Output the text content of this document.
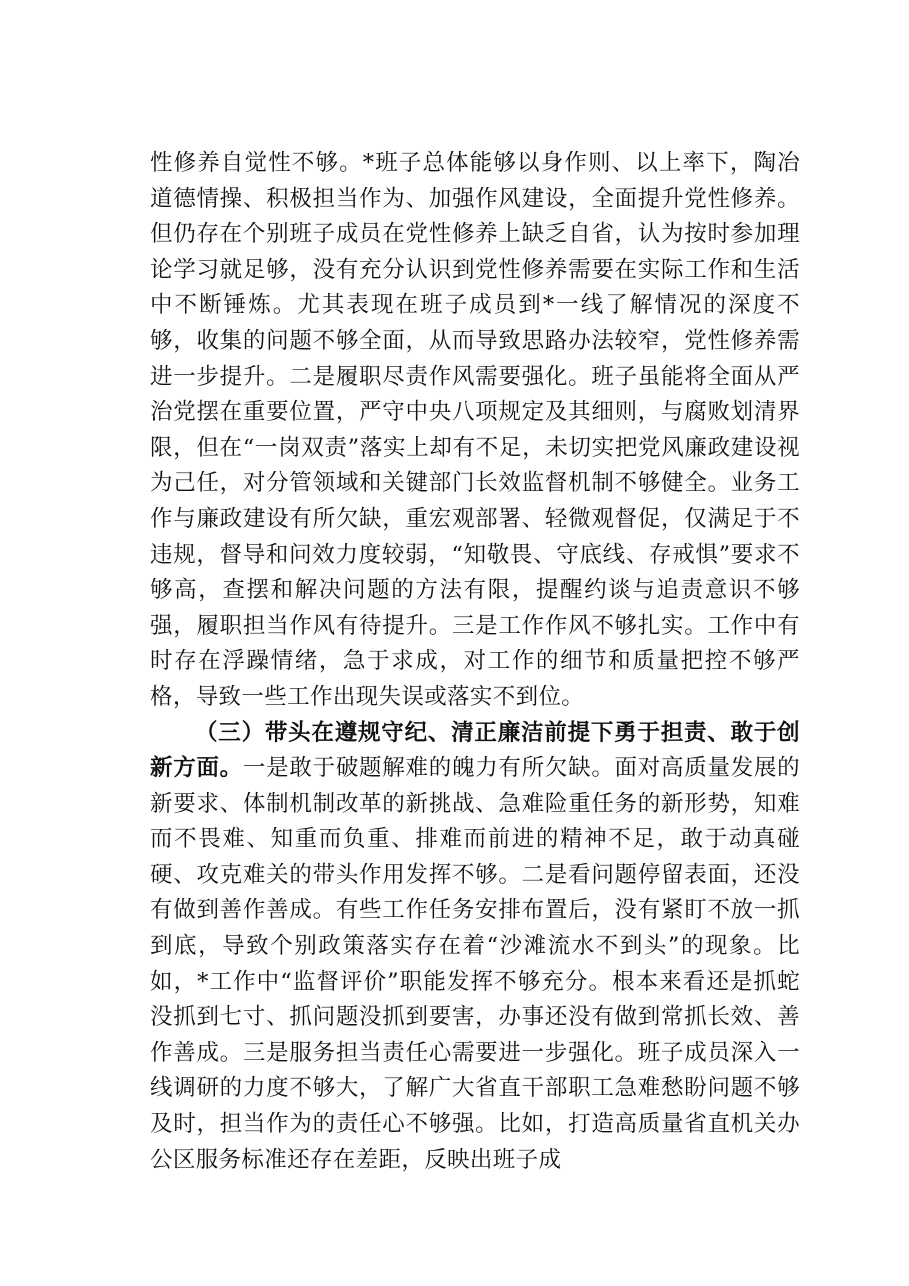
性修养自觉性不够。*班子总体能够以身作则、以上率下，陶冶道德情操、积极担当作为、加强作风建设，全面提升党性修养。但仍存在个别班子成员在党性修养上缺乏自省，认为按时参加理论学习就足够，没有充分认识到党性修养需要在实际工作和生活中不断锤炼。尤其表现在班子成员到*一线了解情况的深度不够，收集的问题不够全面，从而导致思路办法较窄，党性修养需进一步提升。二是履职尽责作风需要强化。班子虽能将全面从严治党摆在重要位置，严守中央八项规定及其细则，与腐败划清界限，但在“一岗双责”落实上却有不足，未切实把党风廉政建设视为己任，对分管领域和关键部门长效监督机制不够健全。业务工作与廉政建设有所欠缺，重宏观部署、轻微观督促，仅满足于不违规，督导和问效力度较弱，“知敬畏、守底线、存戒惧”要求不够高，查摆和解决问题的方法有限，提醒约谈与追责意识不够强，履职担当作风有待提升。三是工作作风不够扎实。工作中有时存在浮躁情绪，急于求成，对工作的细节和质量把控不够严格，导致一些工作出现失误或落实不到位。

（三）带头在遵规守纪、清正廉洁前提下勇于担责、敢于创新方面。一是敢于破题解难的魄力有所欠缺。面对高质量发展的新要求、体制机制改革的新挑战、急难险重任务的新形势，知难而不畏难、知重而负重、排难而前进的精神不足，敢于动真碰硬、攻克难关的带头作用发挥不够。二是看问题停留表面，还没有做到善作善成。有些工作任务安排布置后，没有紧盯不放一抓到底，导致个别政策落实存在着“沙滩流水不到头”的现象。比如，*工作中“监督评价”职能发挥不够充分。根本来看还是抓蛇没抓到七寸、抓问题没抓到要害，办事还没有做到常抓长效、善作善成。三是服务担当责任心需要进一步强化。班子成员深入一线调研的力度不够大，了解广大省直干部职工急难愁盼问题不够及时，担当作为的责任心不够强。比如，打造高质量省直机关办公区服务标准还存在差距，反映出班子成
